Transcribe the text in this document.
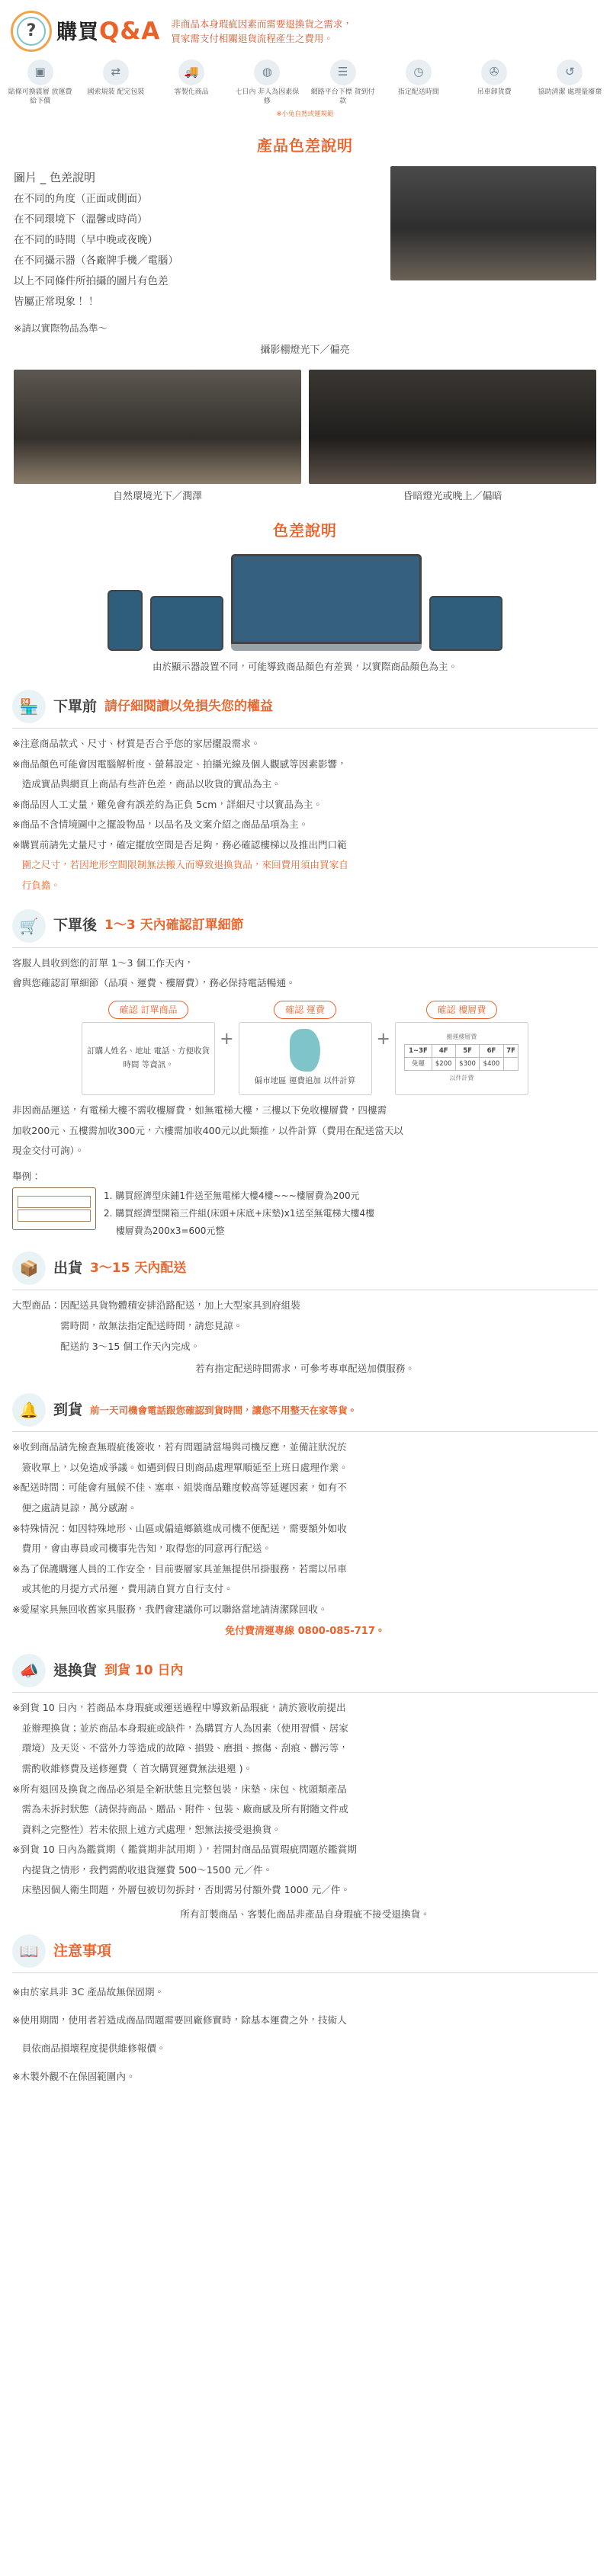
? 購買Q&A 非商品本身瑕疵因素而需要退換貨之需求，
買家需支付相關退貨流程產生之費用。
▣
貼條可換震層 放運費給下價
⇄
國索規裝 配完包裝
🚚
客製化商品
◍
七日內 非人為因素保修
☰
網路平台下標 貨到付款
◷
指定配送時間
✇
吊車卸貨費
↺
協助清潔 處理量廢棄
※小兔自然或運規範
產品色差說明
圖片 _ 色差說明
在不同的角度（正面或側面）
在不同環境下（溫馨或時尚）
在不同的時間（早中晚或夜晚）
在不同攝示器（各廠牌手機／電腦）
以上不同條件所拍攝的圖片有色差
皆屬正常現象！！
※請以實際物品為準～
攝影棚燈光下／偏亮
自然環境光下／潤澤	昏暗燈光或晚上／偏暗
色差說明
由於顯示器設置不同，可能導致商品顏色有差異，以實際商品顏色為主。
🏪	下單前 請仔細閱讀以免損失您的權益

※注意商品款式、尺寸、材質是否合乎您的家居擺設需求。

※商品顏色可能會因電腦解析度、螢幕設定、拍攝光線及個人觀感等因素影響，

　造成實品與網頁上商品有些許色差，商品以收貨的實品為主。

※商品因人工丈量，難免會有誤差約為正負 5cm，詳細尺寸以實品為主。

※商品不含情境圖中之擺設物品，以品名及文案介紹之商品品項為主。

※購買前請先丈量尺寸，確定擺放空間是否足夠，務必確認樓梯以及推出門口範

　圍之尺寸，若因地形空間限制無法搬入而導致退換貨品，來回費用須由買家自

　行負擔。

🛒	下單後 1～3 天內確認訂單細節

客服人員收到您的訂單 1～3 個工作天內，

會與您確認訂單細節（品項、運費、樓層費），務必保持電話暢通。

確認 訂單商品
訂購人姓名、地址 電話、方便收貨時間 等資訊。
+
確認 運費
偏市地區 運費追加 以件計算
+
確認 樓層費
搬運樓層費
1~3F	4F	5F	6F	7F
免運	$200	$300	$400	
以件計費

非因商品運送，有電梯大樓不需收樓層費，如無電梯大樓，三樓以下免收樓層費，四樓需

加收200元、五樓需加收300元，六樓需加收400元以此類推，以件計算（費用在配送當天以

現金交付可詢）。

舉例：
1. 購買經濟型床鋪1件送至無電梯大樓4樓~~~樓層費為200元
2. 購買經濟型開箱三件組(床頭+床底+床墊)x1送至無電梯大樓4樓
　 樓層費為200x3=600元整
📦	出貨 3～15 天內配送

大型商品：因配送具貨物體積安排沿路配送，加上大型家具到府組裝

　　　　　需時間，故無法指定配送時間，請您見諒。

　　　　　配送約 3～15 個工作天內完成。

若有指定配送時間需求，可參考專車配送加價服務。
🔔	到貨 前一天司機會電話跟您確認到貨時間，讓您不用整天在家等貨。

※收到商品請先檢查無瑕疵後簽收，若有問題請當場與司機反應，並備註狀況於

　簽收單上，以免造成爭議。如遇到假日則商品處理單順延至上班日處理作業。

※配送時間：可能會有風候不佳、塞車、組裝商品難度較高等延遲因素，如有不

　便之處請見諒，萬分感謝。

※特殊情況：如因特殊地形、山區或偏遠鄉鎮進成司機不便配送，需要額外如收

　費用，會由專員或司機事先告知，取得您的同意再行配送。

※為了保護購運人員的工作安全，目前要層家具並無提供吊掛服務，若需以吊車

　或其他的月提方式吊運，費用請自買方自行支付。

※愛屋家具無回收舊家具服務，我們會建議你可以聯絡當地請清潔隊回收。

免付費清運專線 0800-085-717。
📣	退換貨 到貨 10 日內

※到貨 10 日內，若商品本身瑕疵或運送過程中導致新品瑕疵，請於簽收前提出

　並辦理換貨；並於商品本身瑕疵或缺件，為購買方人為因素（使用習慣、居家

　環境）及天災、不當外力等造成的故障、損毀、磨損、擦傷、刮痕、髒污等，

　需酌收維修費及送修運費（ 首次購買運費無法退還 )。

※所有退回及換貨之商品必須是全新狀態且完整包裝，床墊、床包、枕頭類產品

　需為未拆封狀態（請保持商品、贈品、附件、包裝、廠商感及所有附隨文件或

　資料之完整性）若未依照上述方式處理，恕無法接受退換貨。

※到貨 10 日內為鑑賞期（ 鑑賞期非試用期 ），若開封商品品質瑕疵問題於鑑賞期

　內提貨之情形，我們需酌收退貨運費 500～1500 元／件。

　床墊因個人衛生問題，外層包被切勿拆封，否則需另付額外費 1000 元／件。

所有訂製商品、客製化商品非產品自身瑕疵不接受退換貨。
📖	注意事項

※由於家具非 3C 產品故無保固期。

※使用期間，使用者若造成商品問題需要回廠修實時，除基本運費之外，技術人

　員依商品損壞程度提供維修報價。

※木製外觀不在保固範圍內。
